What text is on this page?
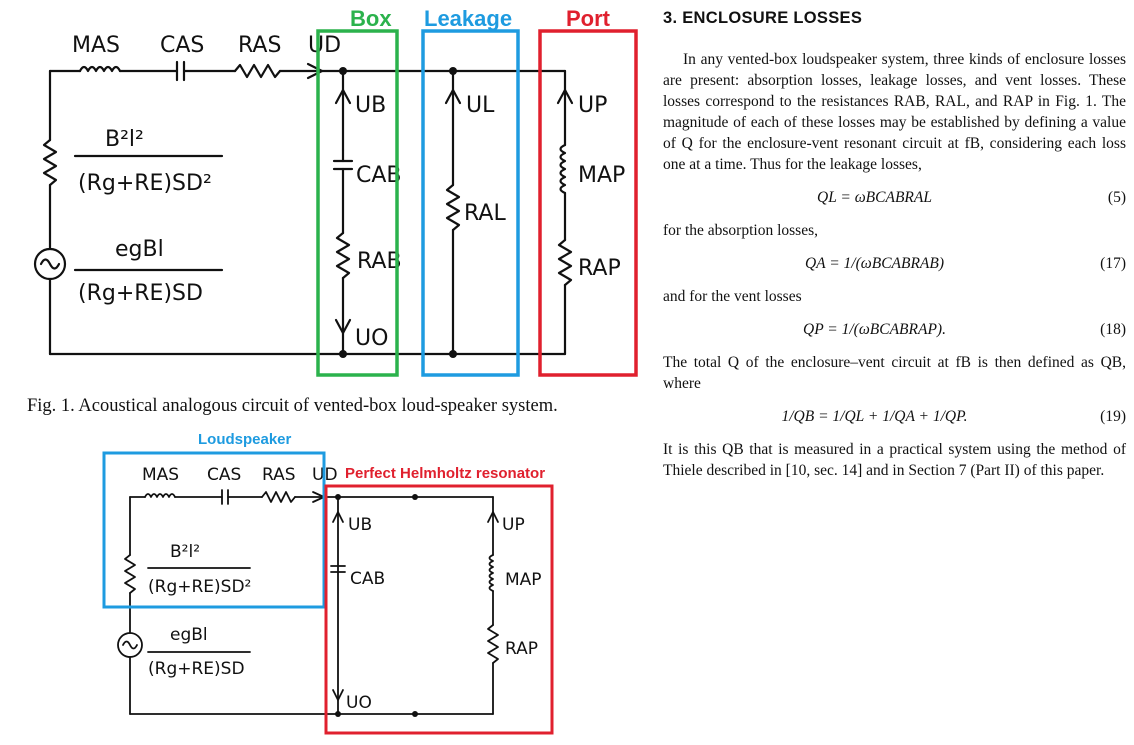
MAS CAS RAS UD
UB
CAB
RAB
UO
UL
RAL
UP
MAP
RAP
B²l²
(Rg+RE)SD²
egBl
(Rg+RE)SD
Box Leakage Port
Fig. 1. Acoustical analogous circuit of vented-box loud-speaker system.
MAS CAS RAS UD
UB
CAB
UO
UP
MAP
RAP
B²l²
(Rg+RE)SD²
egBl
(Rg+RE)SD
Loudspeaker
Perfect Helmholtz resonator
3. ENCLOSURE LOSSES

In any vented-box loudspeaker system, three kinds of enclosure losses are present: absorption losses, leakage losses, and vent losses. These losses correspond to the resistances RAB, RAL, and RAP in Fig. 1. The magnitude of each of these losses may be established by defining a value of Q for the enclosure-vent resonant circuit at fB, considering each loss one at a time. Thus for the leakage losses,

QL = ωBCABRAL	(5)
for the absorption losses,
QA = 1/(ωBCABRAB)	(17)
and for the vent losses
QP = 1/(ωBCABRAP).	(18)
The total Q of the enclosure–vent circuit at fB is then defined as QB, where
1/QB = 1/QL + 1/QA + 1/QP.	(19)
It is this QB that is measured in a practical system using the method of Thiele described in [10, sec. 14] and in Section 7 (Part II) of this paper.
